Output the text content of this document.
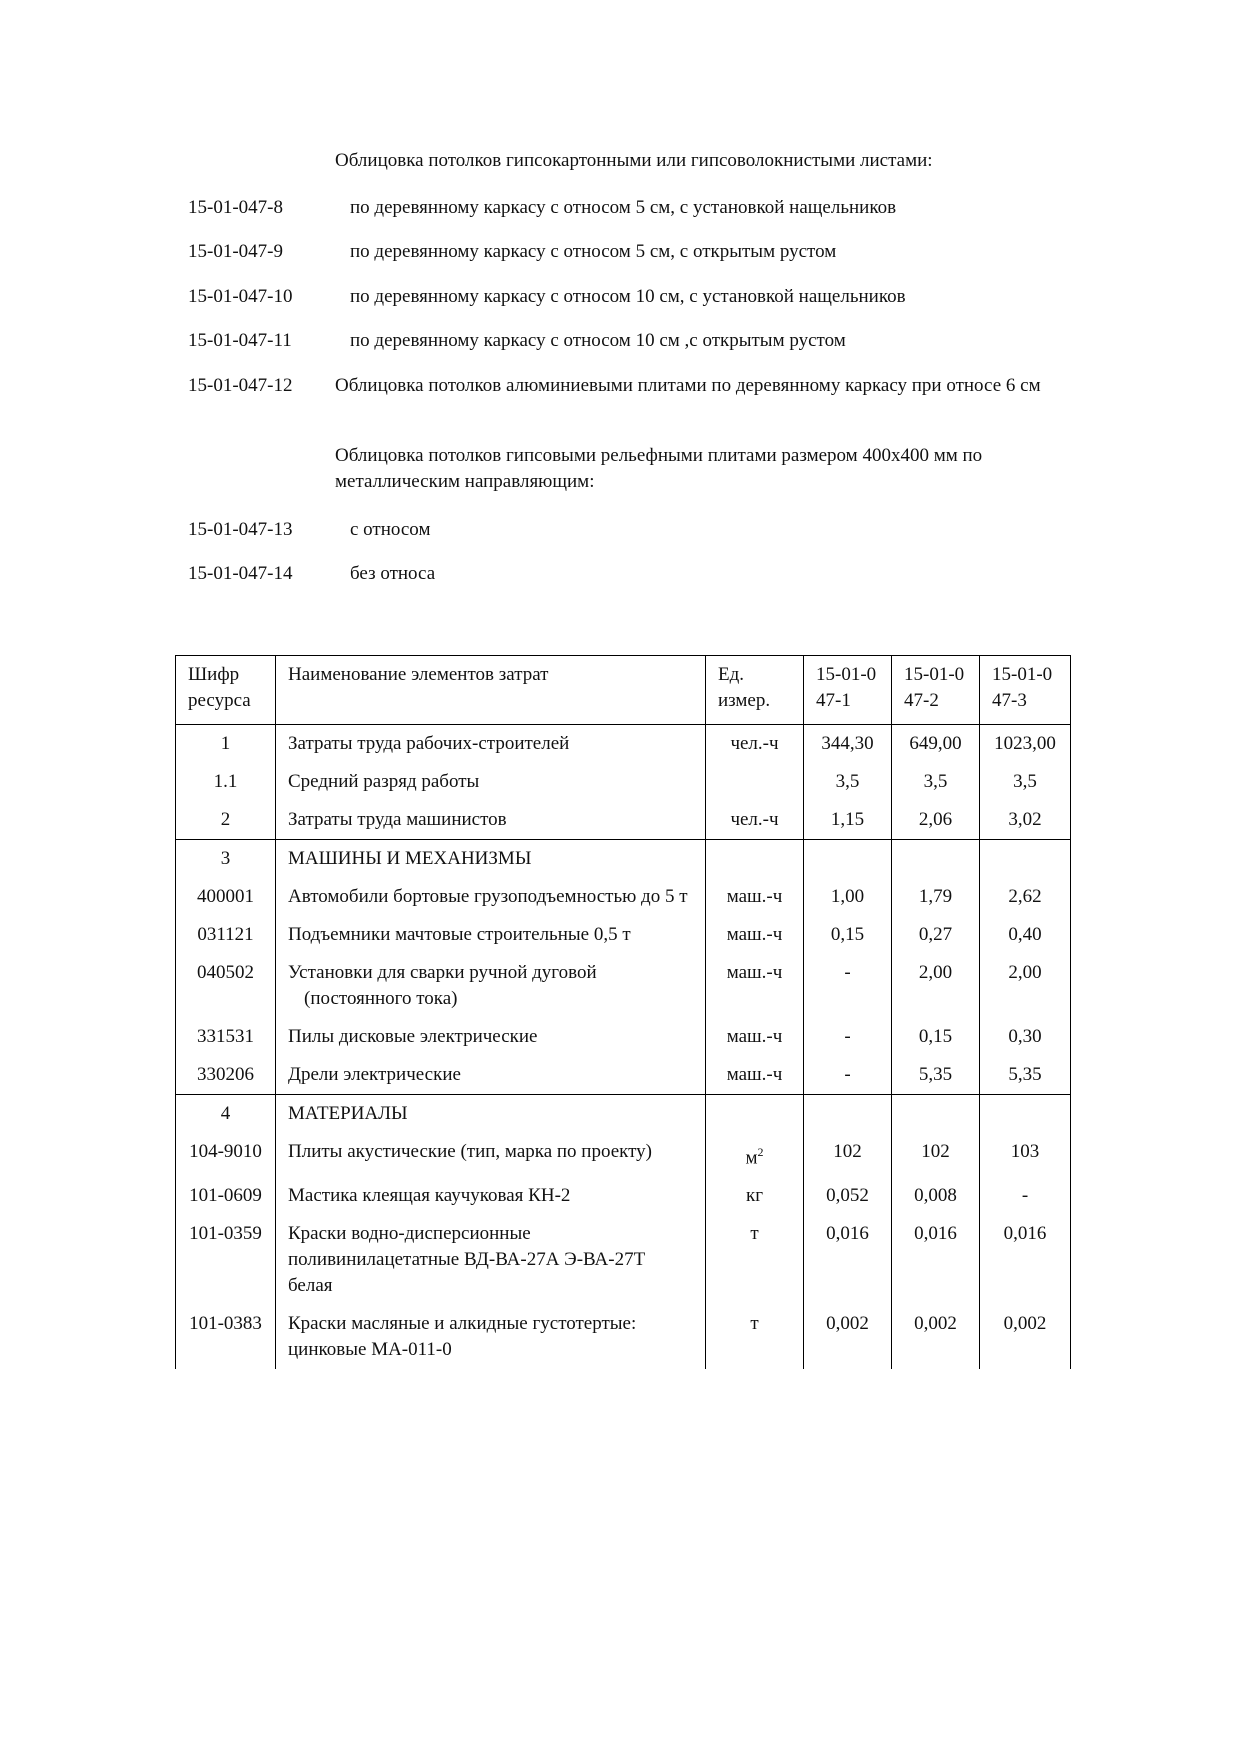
Облицовка потолков гипсокартонными или гипсоволокнистыми листами:
15-01-047-8	по деревянному каркасу с относом 5 см, с установкой нащельников
15-01-047-9	по деревянному каркасу с относом 5 см, с открытым рустом
15-01-047-10	по деревянному каркасу с относом 10 см, с установкой нащельников
15-01-047-11	по деревянному каркасу с относом 10 см ,с открытым рустом
15-01-047-12 Облицовка потолков алюминиевыми плитами по деревянному каркасу при относе 6 см
Облицовка потолков гипсовыми рельефными плитами размером 400х400 мм по металлическим направляющим:
15-01-047-13	с относом
15-01-047-14	без относа
Шифр ресурса	Наименование элементов затрат	Ед. измер.	15-01-047-1	15-01-047-2	15-01-047-3
1	Затраты труда рабочих-строителей	чел.-ч	344,30	649,00	1023,00
1.1	Средний разряд работы		3,5	3,5	3,5
2	Затраты труда машинистов	чел.-ч	1,15	2,06	3,02
3	МАШИНЫ И МЕХАНИЗМЫ				
400001	Автомобили бортовые грузоподъемностью до 5 т	маш.-ч	1,00	1,79	2,62
031121	Подъемники мачтовые строительные 0,5 т	маш.-ч	0,15	0,27	0,40
040502	Установки для сварки ручной дуговой (постоянного тока)	маш.-ч	-	2,00	2,00
331531	Пилы дисковые электрические	маш.-ч	-	0,15	0,30
330206	Дрели электрические	маш.-ч	-	5,35	5,35
4	МАТЕРИАЛЫ				
104-9010	Плиты акустические (тип, марка по проекту)	$м^2$	102	102	103
101-0609	Мастика клеящая каучуковая КН-2	кг	0,052	0,008	-
101-0359	Краски водно-дисперсионные поливинилацетатные ВД-ВА-27А Э-ВА-27Т белая	т	0,016	0,016	0,016
101-0383	Краски масляные и алкидные густотертые: цинковые МА-011-0	т	0,002	0,002	0,002
